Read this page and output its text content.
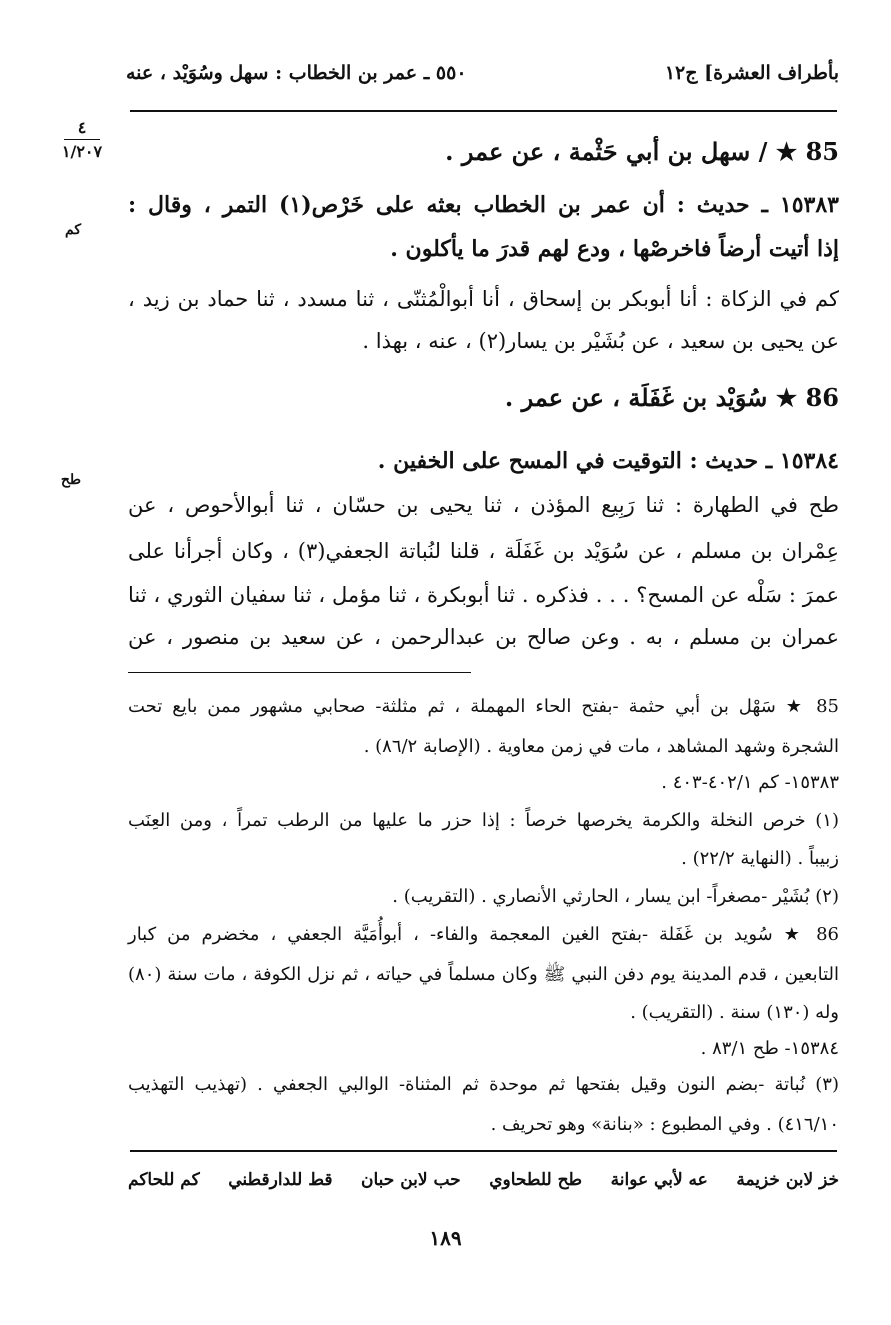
بأطراف العشرة] ج١٢
٥٥٠ ـ عمر بن الخطاب : سهل وسُوَيْد ، عنه
٤
١/٢٠٧	85 ★ / سهل بن أبي حَثْمة ، عن عمر .
١٥٣٨٣ ـ حديث : أن عمر بن الخطاب بعثه على خَرْص(١) التمر ، وقال :
إذا أتيت أرضاً فاخرصْها ، ودع لهم قدرَ ما يأكلون .
كم
كم في الزكاة : أنا أبوبكر بن إسحاق ، أنا أبوالْمُثنّى ، ثنا مسدد ، ثنا حماد بن زيد ،
عن يحيى بن سعيد ، عن بُشَيْر بن يسار(٢) ، عنه ، بهذا .
86 ★ سُوَيْد بن غَفَلَة ، عن عمر .
١٥٣٨٤ ـ حديث : التوقيت في المسح على الخفين .
طح
طح في الطهارة : ثنا رَبِيع المؤذن ، ثنا يحيى بن حسّان ، ثنا أبوالأحوص ، عن
عِمْران بن مسلم ، عن سُوَيْد بن غَفَلَة ، قلنا لنُباتة الجعفي(٣) ، وكان أجرأنا على
عمرَ : سَلْه عن المسح؟ . . . فذكره . ثنا أبوبكرة ، ثنا مؤمل ، ثنا سفيان الثوري ، ثنا
عمران بن مسلم ، به . وعن صالح بن عبدالرحمن ، عن سعيد بن منصور ، عن
85 ★ سَهْل بن أبي حثمة -بفتح الحاء المهملة ، ثم مثلثة- صحابي مشهور ممن بايع تحت
الشجرة وشهد المشاهد ، مات في زمن معاوية . (الإصابة ٨٦/٢) .
١٥٣٨٣- كم ٤٠٢/١-٤٠٣ .
(١) خرص النخلة والكرمة يخرصها خرصاً : إذا حزر ما عليها من الرطب تمراً ، ومن العِنَب
زبيباً . (النهاية ٢٢/٢) .
(٢) بُشَيْر -مصغراً- ابن يسار ، الحارثي الأنصاري . (التقريب) .
86 ★ سُويد بن غَفَلة -بفتح الغين المعجمة والفاء- ، أبوأُمَيَّة الجعفي ، مخضرم من كبار
التابعين ، قدم المدينة يوم دفن النبي ﷺ وكان مسلماً في حياته ، ثم نزل الكوفة ، مات سنة (٨٠)
وله (١٣٠) سنة . (التقريب) .
١٥٣٨٤- طح ٨٣/١ .
(٣) نُباتة -بضم النون وقيل بفتحها ثم موحدة ثم المثناة- الوالبي الجعفي . (تهذيب التهذيب
٤١٦/١٠) . وفي المطبوع : «بنانة» وهو تحريف .
خز لابن خزيمة
عه لأبي عوانة
طح للطحاوي
حب لابن حبان
قط للدارقطني
كم للحاكم
١٨٩
